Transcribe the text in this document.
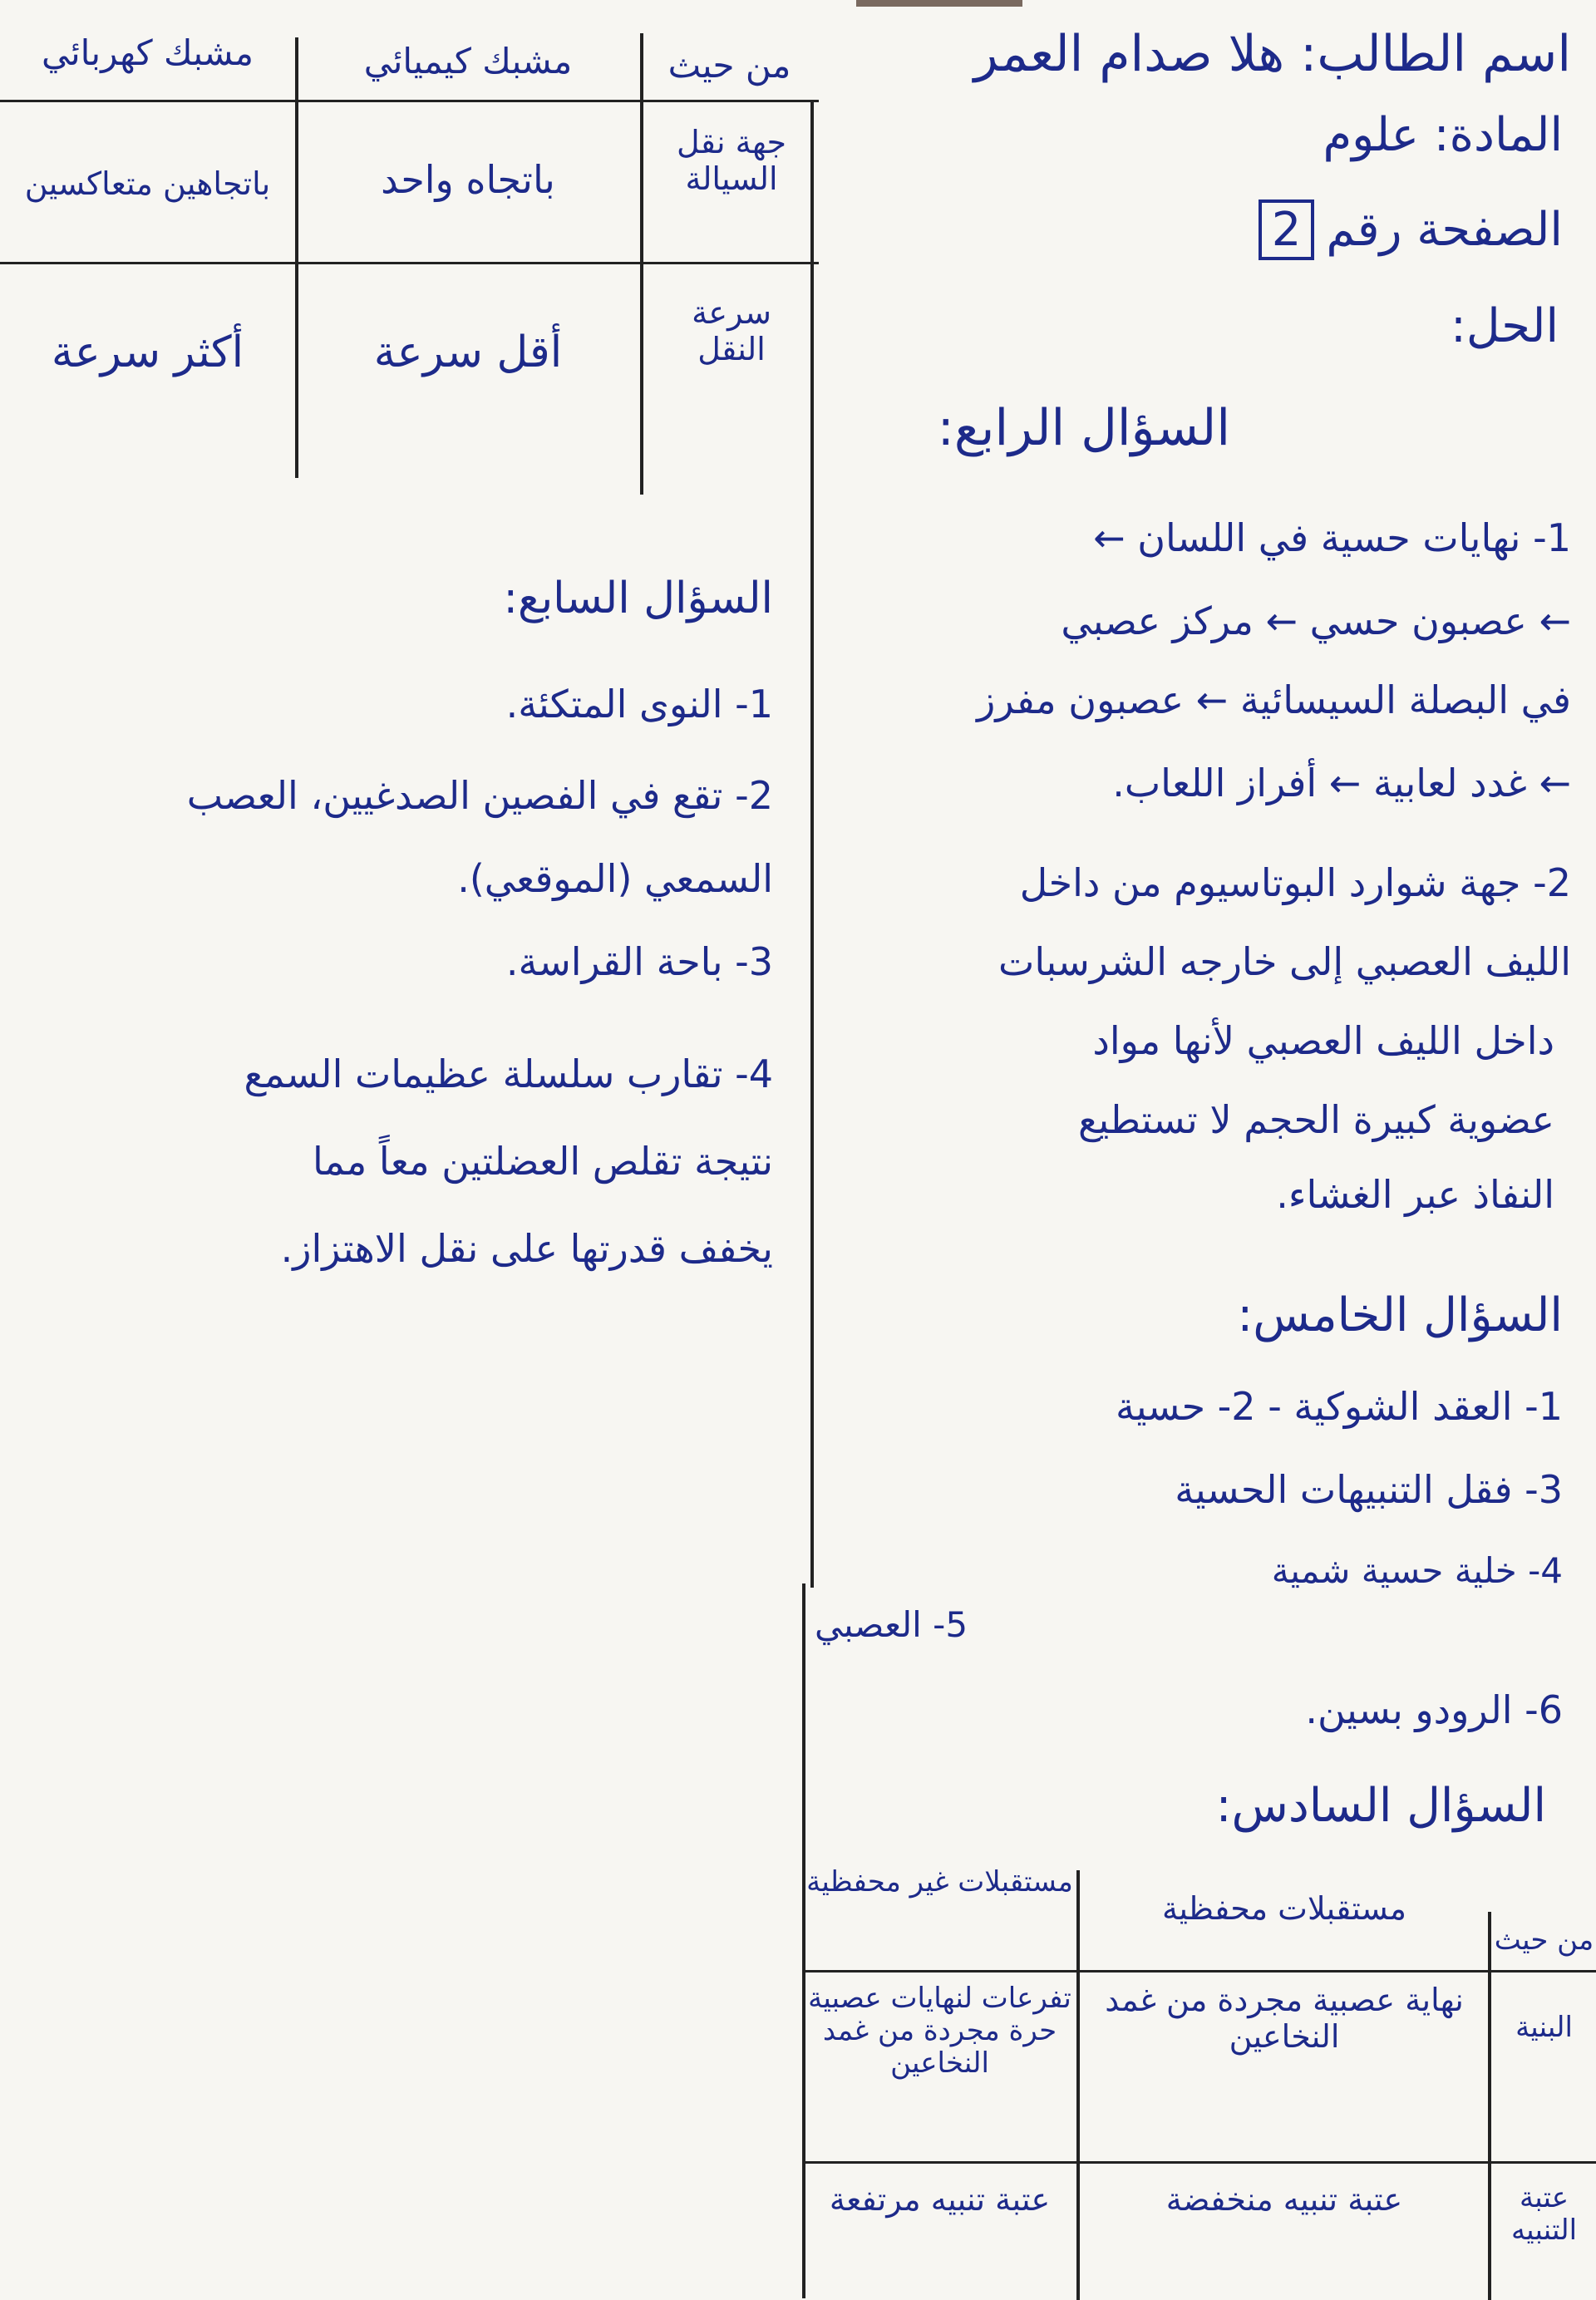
اسم الطالب: هلا صدام العمر
المادة: علوم
الصفحة رقم2
الحل:
من حيث
مشبك كيميائي
مشبك كهربائي
جهة نقل السيالة
باتجاه واحد
باتجاهين متعاكسين
سرعة النقل
أقل سرعة
أكثر سرعة
السؤال الرابع:
1- نهايات حسية في اللسان ←
← عصبون حسي ← مركز عصبي
في البصلة السيسائية ← عصبون مفرز
← غدد لعابية ← أفراز اللعاب.
2- جهة شوارد البوتاسيوم من داخل
الليف العصبي إلى خارجه الشرسبات
داخل الليف العصبي لأنها مواد
عضوية كبيرة الحجم لا تستطيع
النفاذ عبر الغشاء.
السؤال السابع:
1- النوى المتكئة.
2- تقع في الفصين الصدغيين، العصب
السمعي (الموقعي).
3- باحة القراسة.
4- تقارب سلسلة عظيمات السمع
نتيجة تقلص العضلتين معاً مما
يخفف قدرتها على نقل الاهتزاز.
السؤال الخامس:
1- العقد الشوكية - 2- حسية
3- فقل التنبيهات الحسية
4- خلية حسية شمية
5- العصبي
6- الرودو بسين.
السؤال السادس:
من حيث
مستقبلات محفظية
مستقبلات غير محفظية
البنية
نهاية عصبية مجردة من غمد النخاعين
تفرعات لنهايات عصبية حرة مجردة من غمد النخاعين
عتبة التنبيه
عتبة تنبيه منخفضة
عتبة تنبيه مرتفعة
